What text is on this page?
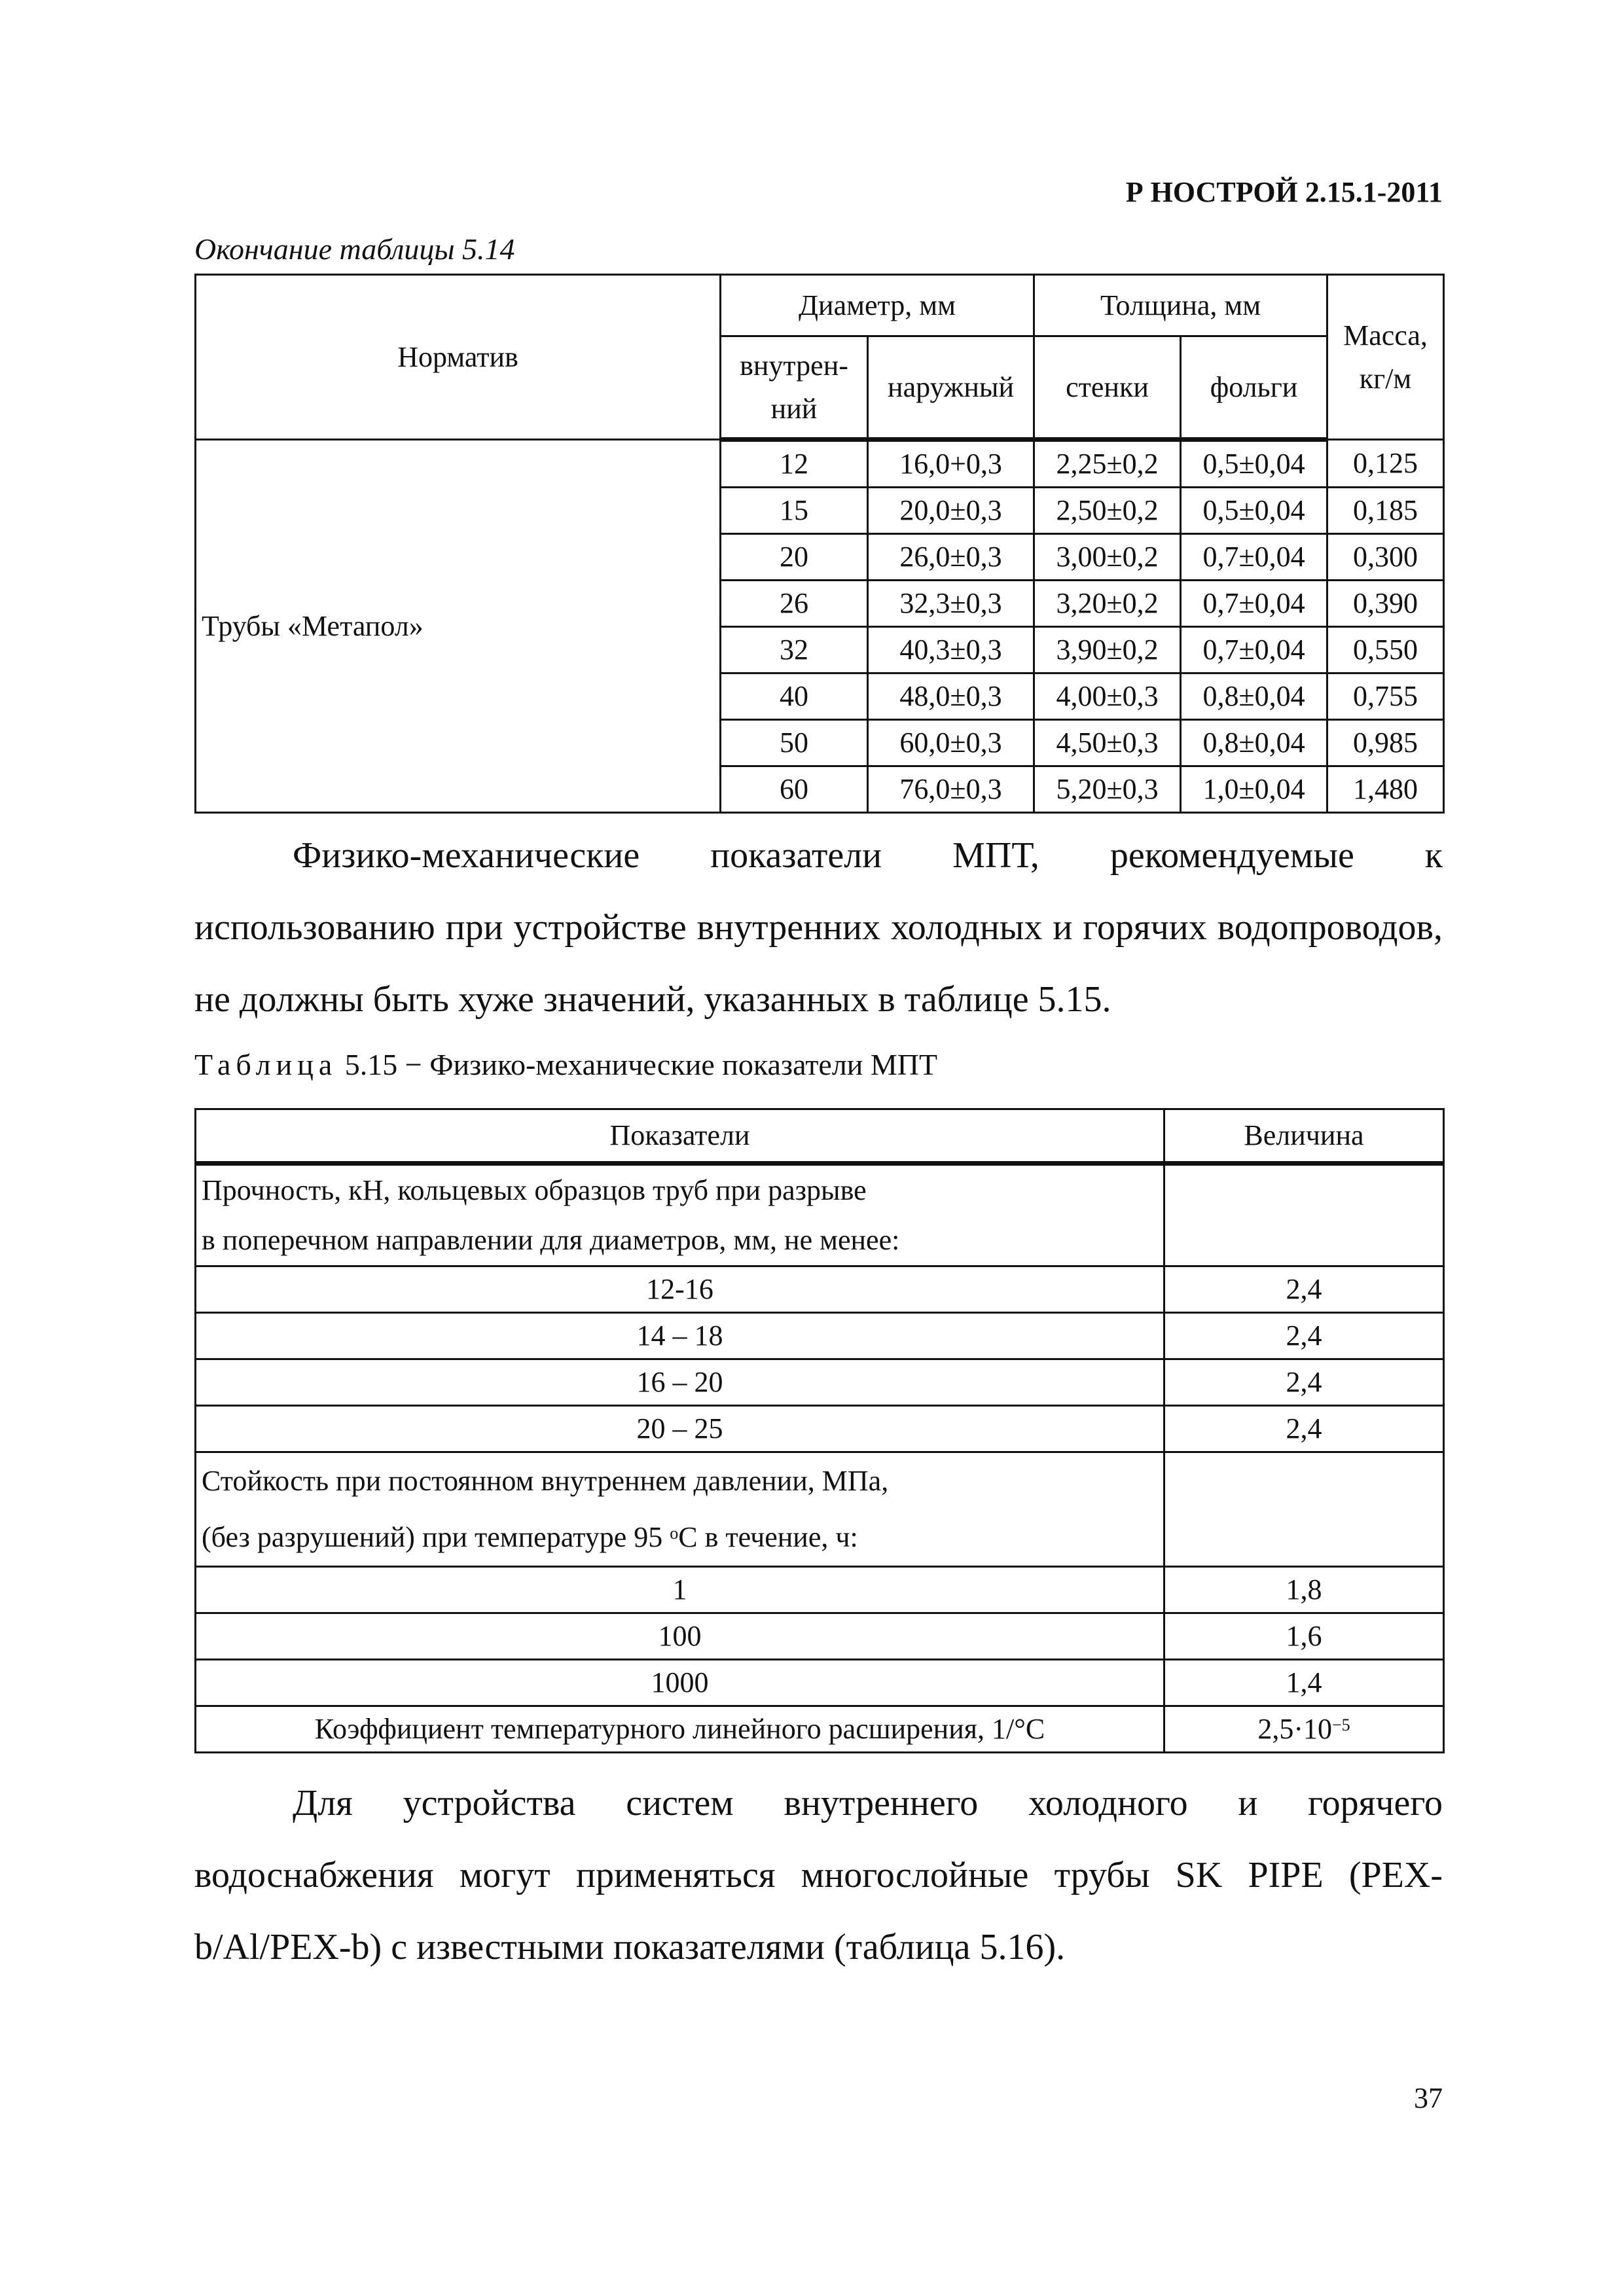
Р НОСТРОЙ 2.15.1-2011
Окончание таблицы 5.14
Норматив	Диаметр, мм		Толщина, мм		Масса, кг/м
	внутрен-ний	наружный	стенки	фольги	
Трубы «Метапол»	12	16,0+0,3	2,25±0,2	0,5±0,04	0,125
	15	20,0±0,3	2,50±0,2	0,5±0,04	0,185
	20	26,0±0,3	3,00±0,2	0,7±0,04	0,300
	26	32,3±0,3	3,20±0,2	0,7±0,04	0,390
	32	40,3±0,3	3,90±0,2	0,7±0,04	0,550
	40	48,0±0,3	4,00±0,3	0,8±0,04	0,755
	50	60,0±0,3	4,50±0,3	0,8±0,04	0,985
	60	76,0±0,3	5,20±0,3	1,0±0,04	1,480
Физико-механические показатели МПТ, рекомендуемые к использованию при устройстве внутренних холодных и горячих водопроводов, не должны быть хуже значений, указанных в таблице 5.15.
Таблица 5.15 − Физико-механические показатели МПТ
Показатели	Величина

Прочность, кН, кольцевых образцов труб при разрыве
в поперечном направлении для диаметров, мм, не менее:	

12-16	2,4
14 – 18	2,4
16 – 20	2,4
20 – 25	2,4

Стойкость при постоянном внутреннем давлении, МПа,
(без разрушений) при температуре 95 $^о$С в течение, ч:	

1	1,8
100	1,6
1000	1,4
Коэффициент температурного линейного расширения, 1/°С	$2,5\cdot 10^{-5}$
Для устройства систем внутреннего холодного и горячего водоснабжения могут применяться многослойные трубы SK PIPE (PEX-b/Al/PEX-b) с известными показателями (таблица 5.16).
37
